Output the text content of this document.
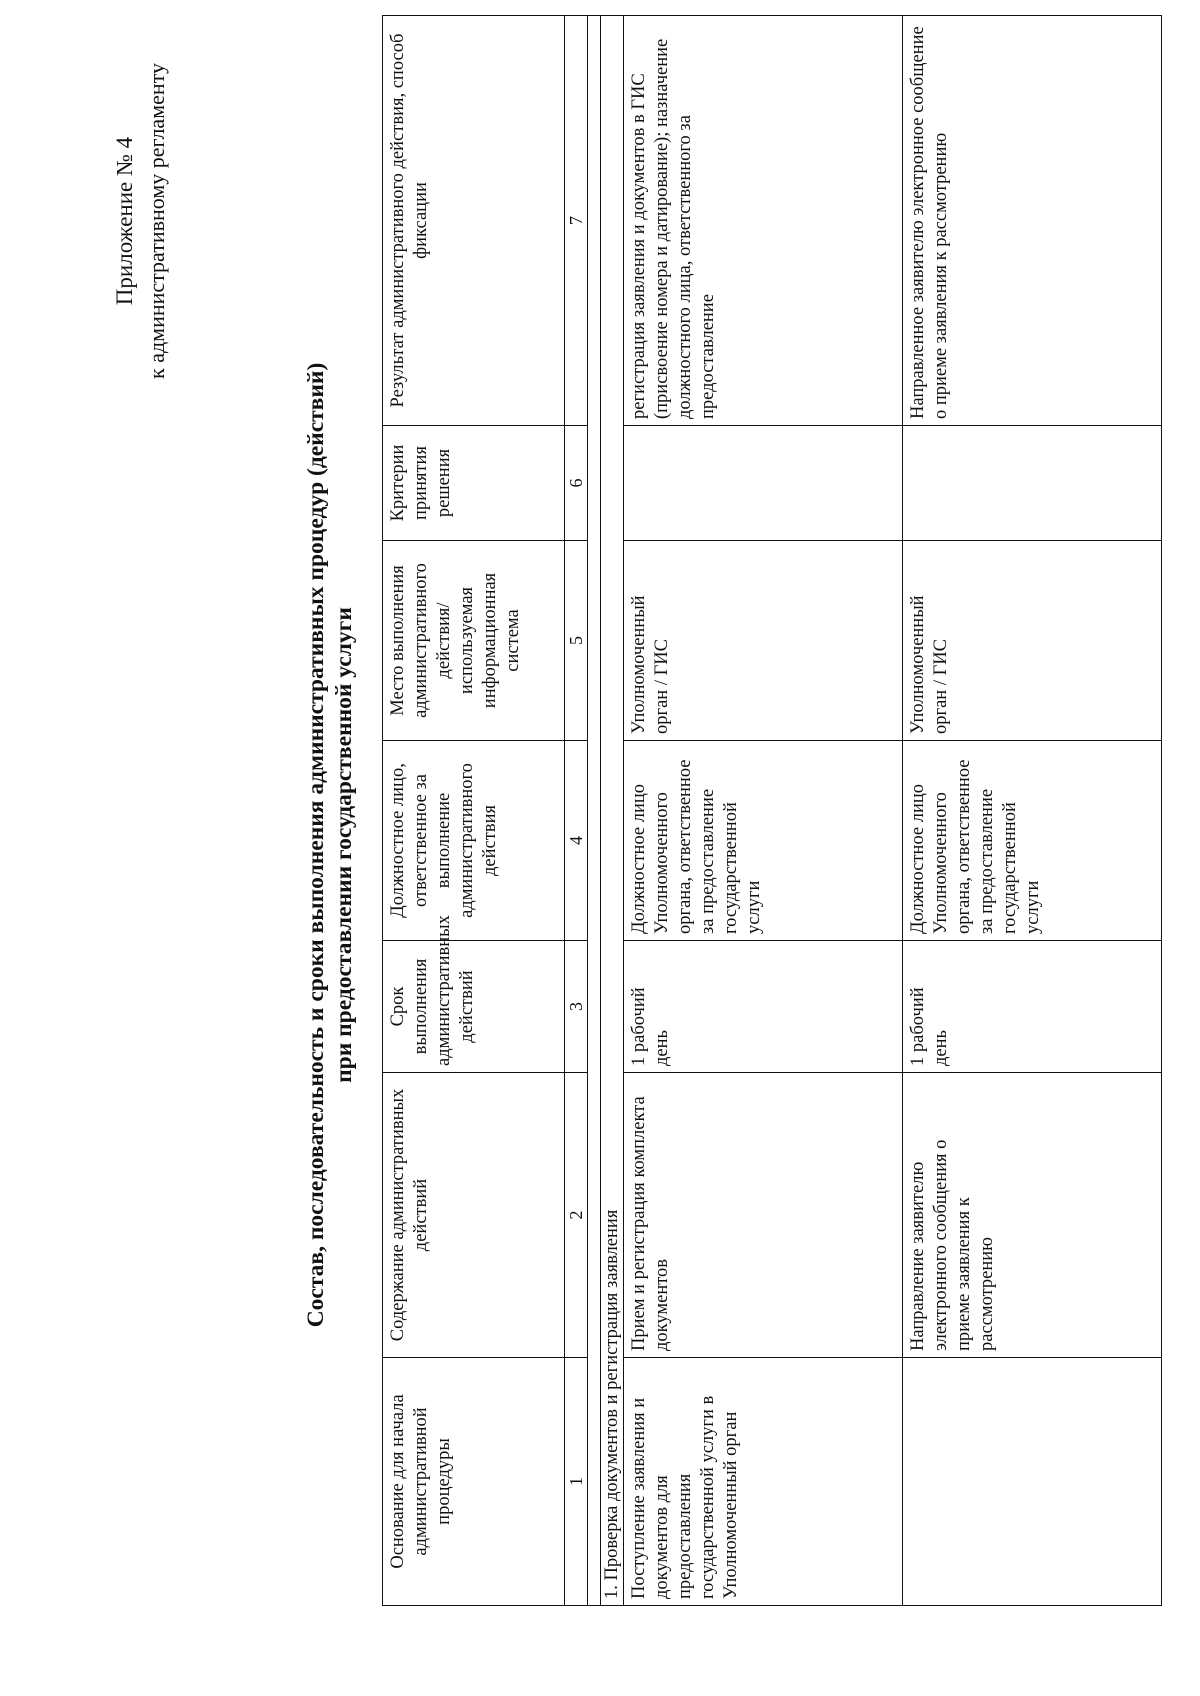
Приложение № 4 к административному регламенту
Состав, последовательность и сроки выполнения административных процедур (действий) при предоставлении государственной услуги
Основание для начала административной процедуры	Содержание административных действий	Срок выполнения административных действий	Должностное лицо, ответственное за выполнение административного действия	Место выполнения административного действия/ используемая информационная система	Критерии принятия решения	Результат административного действия, способ фиксации
1	2	3	4	5	6	7

1. Проверка документов и регистрация заявления						
Поступление заявления и документов для предоставления государственной услуги в Уполномоченный орган	Прием и регистрация комплекта документов	1 рабочий день	Должностное лицо Уполномоченного органа, ответственное за предоставление государственной услуги	Уполномоченный орган / ГИС		регистрация заявления и документов в ГИС (присвоение номера и датирование); назначение должностного лица, ответственного за предоставление
	Направление заявителю электронного сообщения о приеме заявления к рассмотрению	1 рабочий день	Должностное лицо Уполномоченного органа, ответственное за предоставление государственной услуги	Уполномоченный орган / ГИС		Направленное заявителю электронное сообщение о приеме заявления к рассмотрению
